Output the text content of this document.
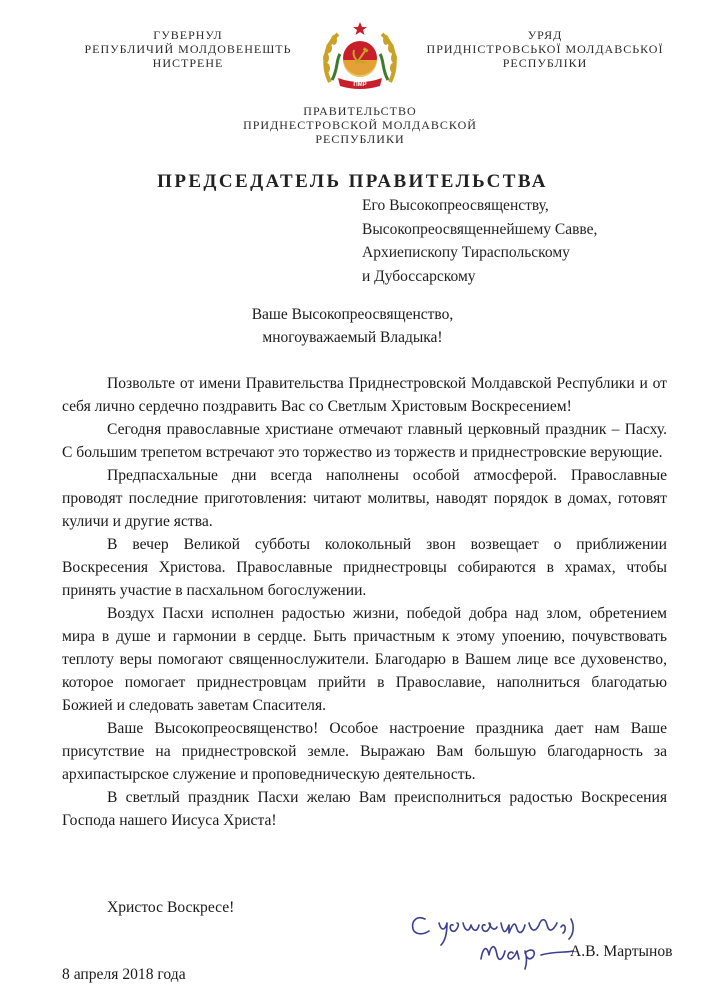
ГУВЕРНУЛ
РЕПУБЛИЧИЙ МОЛДОВЕНЕШТЬ
НИСТРЕНЕ
ПМР
УРЯД
ПРИДНІСТРОВСЬКОЇ МОЛДАВСЬКОЇ
РЕСПУБЛІКИ
ПРАВИТЕЛЬСТВО
ПРИДНЕСТРОВСКОЙ МОЛДАВСКОЙ
РЕСПУБЛИКИ
ПРЕДСЕДАТЕЛЬ ПРАВИТЕЛЬСТВА
Его Высокопреосвященству,
Высокопреосвященнейшему Савве,
Архиепископу Тираспольскому
и Дубоссарскому
Ваше Высокопреосвященство,
многоуважаемый Владыка!

Позвольте от имени Правительства Приднестровской Молдавской Республики и от себя лично сердечно поздравить Вас со Светлым Христовым Воскресением!

Сегодня православные христиане отмечают главный церковный праздник – Пасху. С большим трепетом встречают это торжество из торжеств и приднестровские верующие.

Предпасхальные дни всегда наполнены особой атмосферой. Православные проводят последние приготовления: читают молитвы, наводят порядок в домах, готовят куличи и другие яства.

В вечер Великой субботы колокольный звон возвещает о приближении Воскресения Христова. Православные приднестровцы собираются в храмах, чтобы принять участие в пасхальном богослужении.

Воздух Пасхи исполнен радостью жизни, победой добра над злом, обретением мира в душе и гармонии в сердце. Быть причастным к этому упоению, почувствовать теплоту веры помогают священнослужители. Благодарю в Вашем лице все духовенство, которое помогает приднестровцам прийти в Православие, наполниться благодатью Божией и следовать заветам Спасителя.

Ваше Высокопреосвященство! Особое настроение праздника дает нам Ваше присутствие на приднестровской земле. Выражаю Вам большую благодарность за архипастырское служение и проповедническую деятельность.

В светлый праздник Пасхи желаю Вам преисполниться радостью Воскресения Господа нашего Иисуса Христа!

Христос Воскресе!
А.В. Мартынов
8 апреля 2018 года
